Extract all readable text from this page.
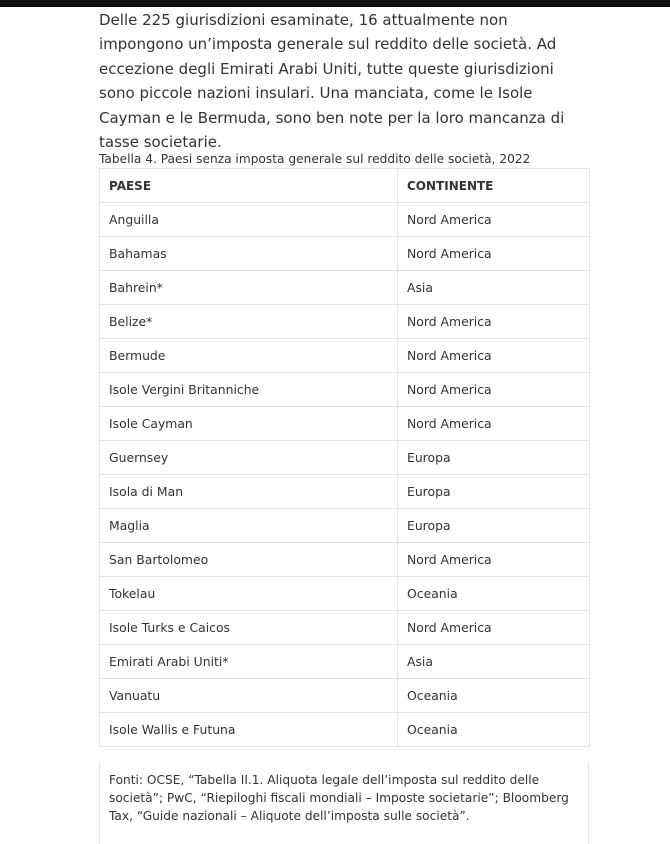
Delle 225 giurisdizioni esaminate, 16 attualmente non impongono un’imposta generale sul reddito delle società. Ad eccezione degli Emirati Arabi Uniti, tutte queste giurisdizioni sono piccole nazioni insulari. Una manciata, come le Isole Cayman e le Bermuda, sono ben note per la loro mancanza di tasse societarie.

Tabella 4. Paesi senza imposta generale sul reddito delle società, 2022
PAESE	CONTINENTE
Anguilla	Nord America
Bahamas	Nord America
Bahrein*	Asia
Belize*	Nord America
Bermude	Nord America
Isole Vergini Britanniche	Nord America
Isole Cayman	Nord America
Guernsey	Europa
Isola di Man	Europa
Maglia	Europa
San Bartolomeo	Nord America
Tokelau	Oceania
Isole Turks e Caicos	Nord America
Emirati Arabi Uniti*	Asia
Vanuatu	Oceania
Isole Wallis e Futuna	Oceania

Fonti: OCSE, “Tabella II.1. Aliquota legale dell’imposta sul reddito delle società”; PwC, “Riepiloghi fiscali mondiali – Imposte societarie”; Bloomberg Tax, “Guide nazionali – Aliquote dell’imposta sulle società”.
